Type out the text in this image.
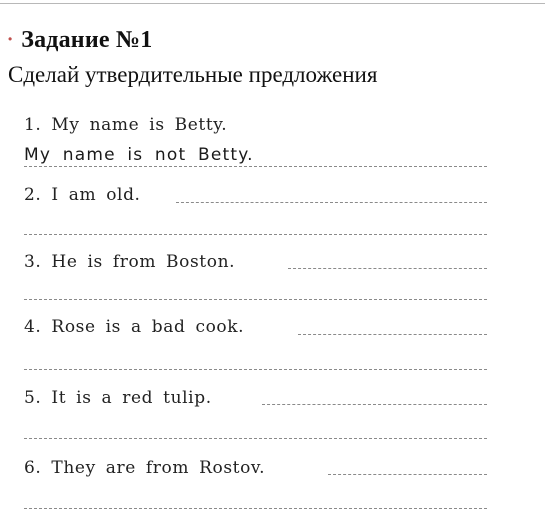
• Задание №1
Сделай утвердительные предложения
1. My name is Betty.
My name is not Betty.
2. I am old.
3. He is from Boston.
4. Rose is a bad cook.
5. It is a red tulip.
6. They are from Rostov.
